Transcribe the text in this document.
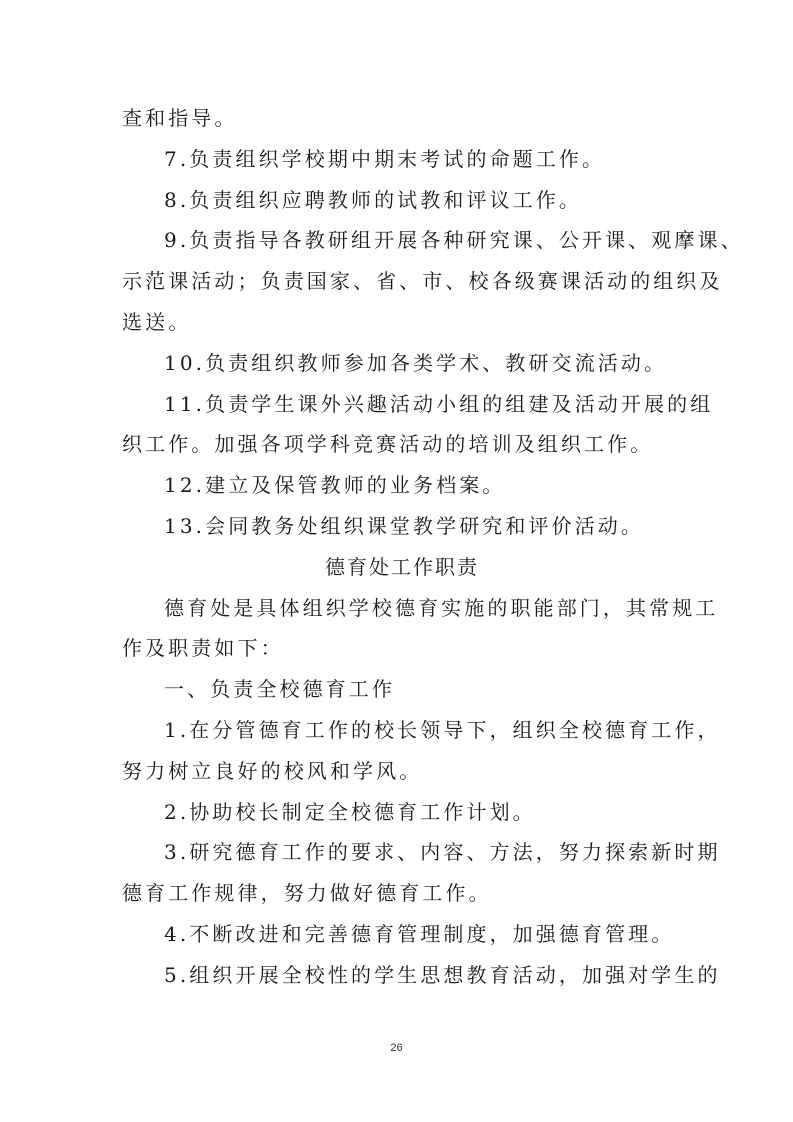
查和指导。
7.负责组织学校期中期末考试的命题工作。
8.负责组织应聘教师的试教和评议工作。
9.负责指导各教研组开展各种研究课、公开课、观摩课、
示范课活动；负责国家、省、市、校各级赛课活动的组织及
选送。
10.负责组织教师参加各类学术、教研交流活动。
11.负责学生课外兴趣活动小组的组建及活动开展的组
织工作。加强各项学科竞赛活动的培训及组织工作。
12.建立及保管教师的业务档案。
13.会同教务处组织课堂教学研究和评价活动。
德育处工作职责
德育处是具体组织学校德育实施的职能部门，其常规工
作及职责如下：
一、负责全校德育工作
1.在分管德育工作的校长领导下，组织全校德育工作，
努力树立良好的校风和学风。
2.协助校长制定全校德育工作计划。
3.研究德育工作的要求、内容、方法，努力探索新时期
德育工作规律，努力做好德育工作。
4.不断改进和完善德育管理制度，加强德育管理。
5.组织开展全校性的学生思想教育活动，加强对学生的
26
